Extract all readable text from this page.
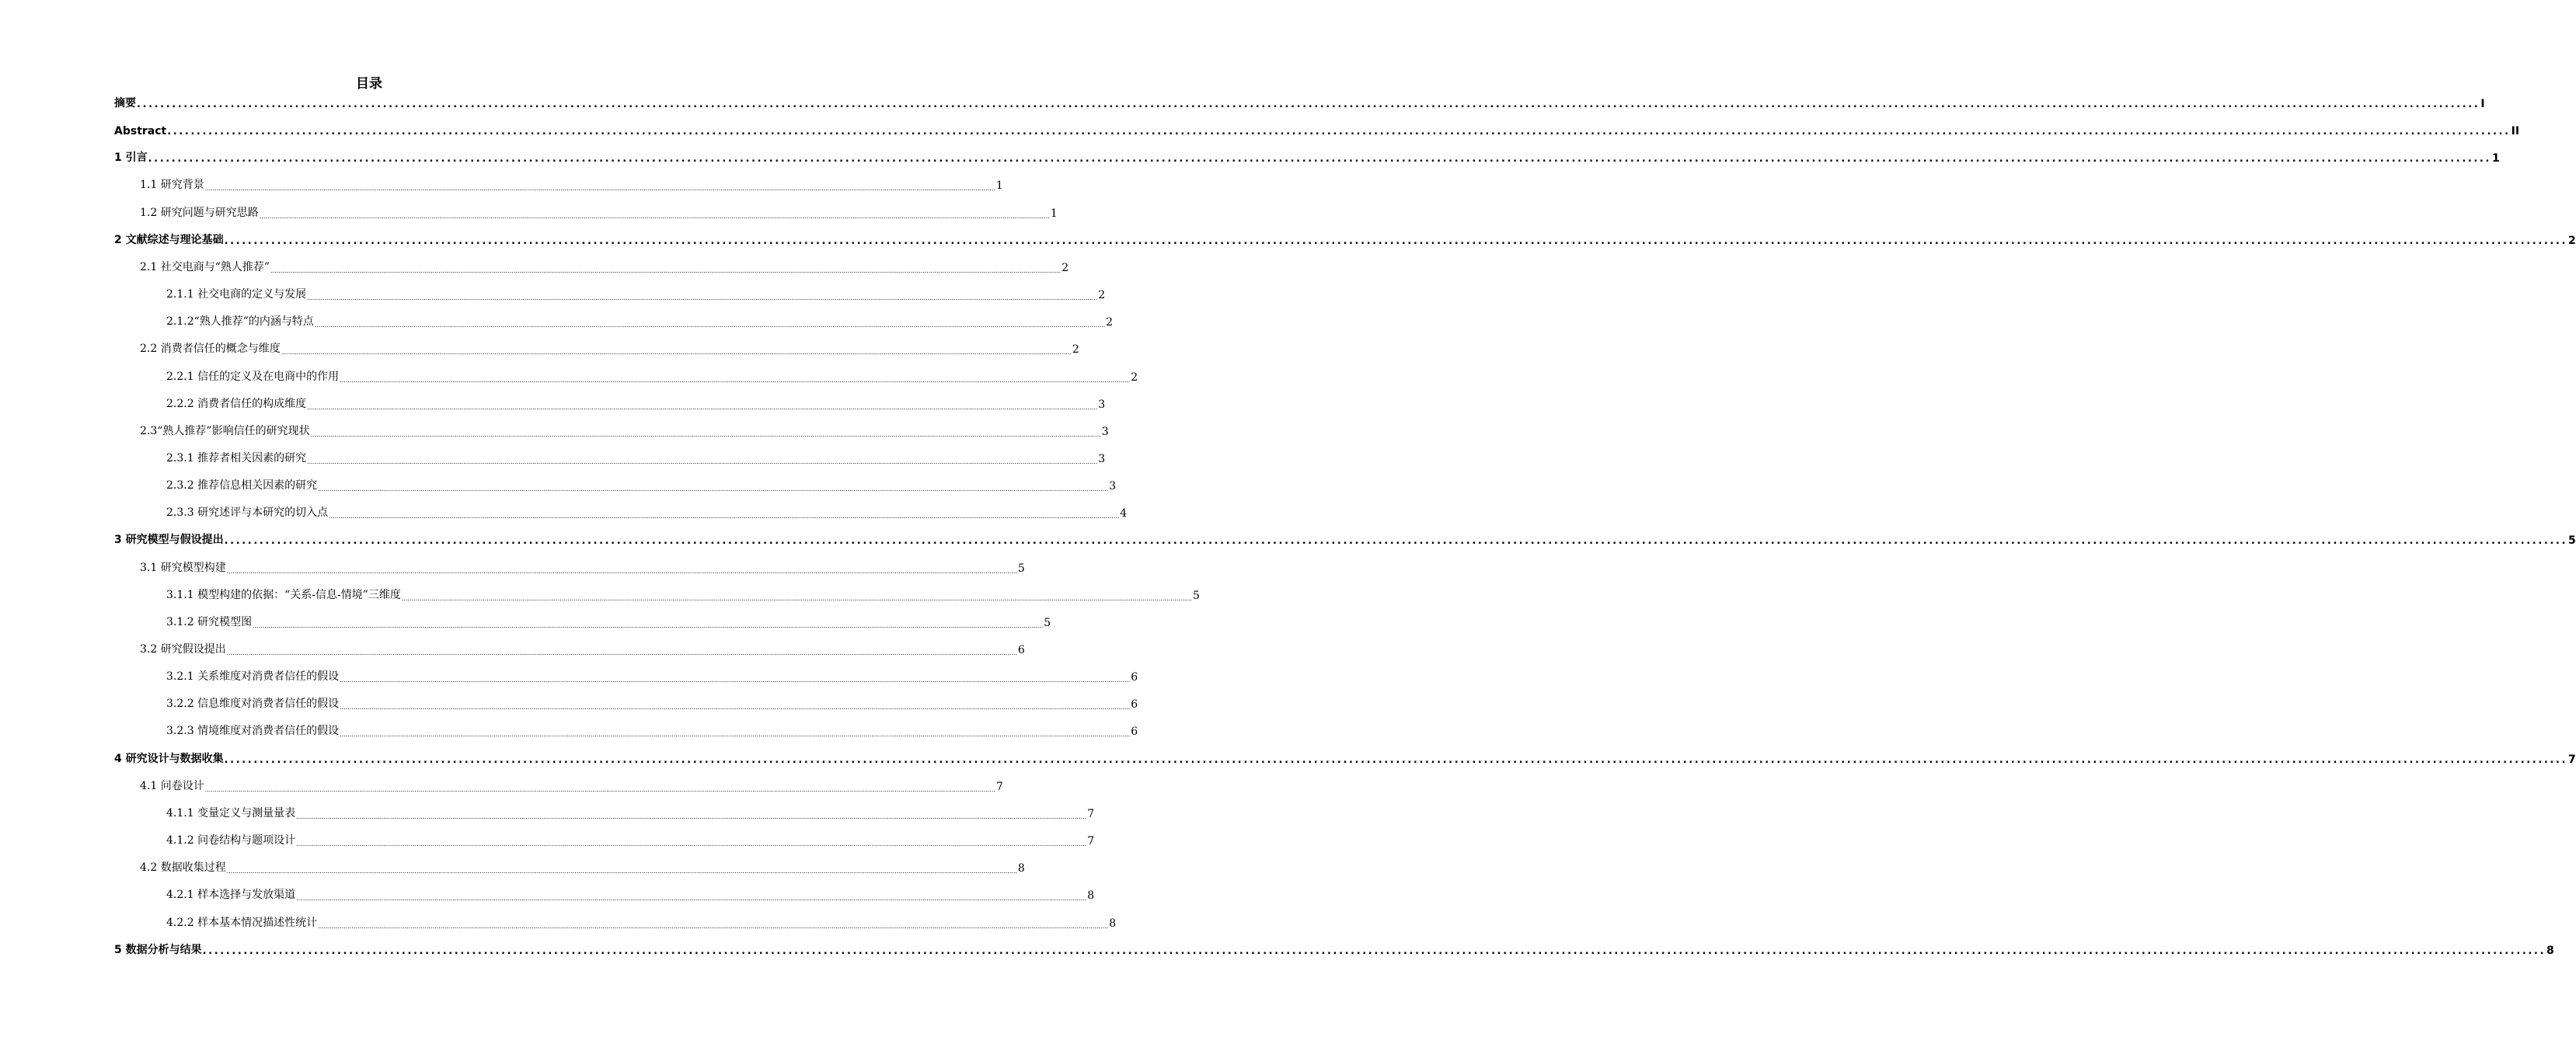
目录
摘要 ................................................................................................................................................................................................................................................................................................................................................................................................................ I
Abstract ................................................................................................................................................................................................................................................................................................................................................................................................................ II
1 引言 ................................................................................................................................................................................................................................................................................................................................................................................................................ 1
1.1 研究背景 ................................................................................................................................................................................................................................................................................................................................................................................................................ 1
1.2 研究问题与研究思路 ................................................................................................................................................................................................................................................................................................................................................................................................................ 1
2 文献综述与理论基础 ................................................................................................................................................................................................................................................................................................................................................................................................................ 2
2.1 社交电商与“熟人推荐” ................................................................................................................................................................................................................................................................................................................................................................................................................ 2
2.1.1 社交电商的定义与发展 ................................................................................................................................................................................................................................................................................................................................................................................................................ 2
2.1.2“熟人推荐”的内涵与特点 ................................................................................................................................................................................................................................................................................................................................................................................................................ 2
2.2 消费者信任的概念与维度 ................................................................................................................................................................................................................................................................................................................................................................................................................ 2
2.2.1 信任的定义及在电商中的作用 ................................................................................................................................................................................................................................................................................................................................................................................................................ 2
2.2.2 消费者信任的构成维度 ................................................................................................................................................................................................................................................................................................................................................................................................................ 3
2.3“熟人推荐”影响信任的研究现状 ................................................................................................................................................................................................................................................................................................................................................................................................................ 3
2.3.1 推荐者相关因素的研究 ................................................................................................................................................................................................................................................................................................................................................................................................................ 3
2.3.2 推荐信息相关因素的研究 ................................................................................................................................................................................................................................................................................................................................................................................................................ 3
2.3.3 研究述评与本研究的切入点 ................................................................................................................................................................................................................................................................................................................................................................................................................ 4
3 研究模型与假设提出 ................................................................................................................................................................................................................................................................................................................................................................................................................ 5
3.1 研究模型构建 ................................................................................................................................................................................................................................................................................................................................................................................................................ 5
3.1.1 模型构建的依据：“关系-信息-情境”三维度 ................................................................................................................................................................................................................................................................................................................................................................................................................ 5
3.1.2 研究模型图 ................................................................................................................................................................................................................................................................................................................................................................................................................ 5
3.2 研究假设提出 ................................................................................................................................................................................................................................................................................................................................................................................................................ 6
3.2.1 关系维度对消费者信任的假设 ................................................................................................................................................................................................................................................................................................................................................................................................................ 6
3.2.2 信息维度对消费者信任的假设 ................................................................................................................................................................................................................................................................................................................................................................................................................ 6
3.2.3 情境维度对消费者信任的假设 ................................................................................................................................................................................................................................................................................................................................................................................................................ 6
4 研究设计与数据收集 ................................................................................................................................................................................................................................................................................................................................................................................................................ 7
4.1 问卷设计 ................................................................................................................................................................................................................................................................................................................................................................................................................ 7
4.1.1 变量定义与测量量表 ................................................................................................................................................................................................................................................................................................................................................................................................................ 7
4.1.2 问卷结构与题项设计 ................................................................................................................................................................................................................................................................................................................................................................................................................ 7
4.2 数据收集过程 ................................................................................................................................................................................................................................................................................................................................................................................................................ 8
4.2.1 样本选择与发放渠道 ................................................................................................................................................................................................................................................................................................................................................................................................................ 8
4.2.2 样本基本情况描述性统计 ................................................................................................................................................................................................................................................................................................................................................................................................................ 8
5 数据分析与结果 ................................................................................................................................................................................................................................................................................................................................................................................................................ 8
